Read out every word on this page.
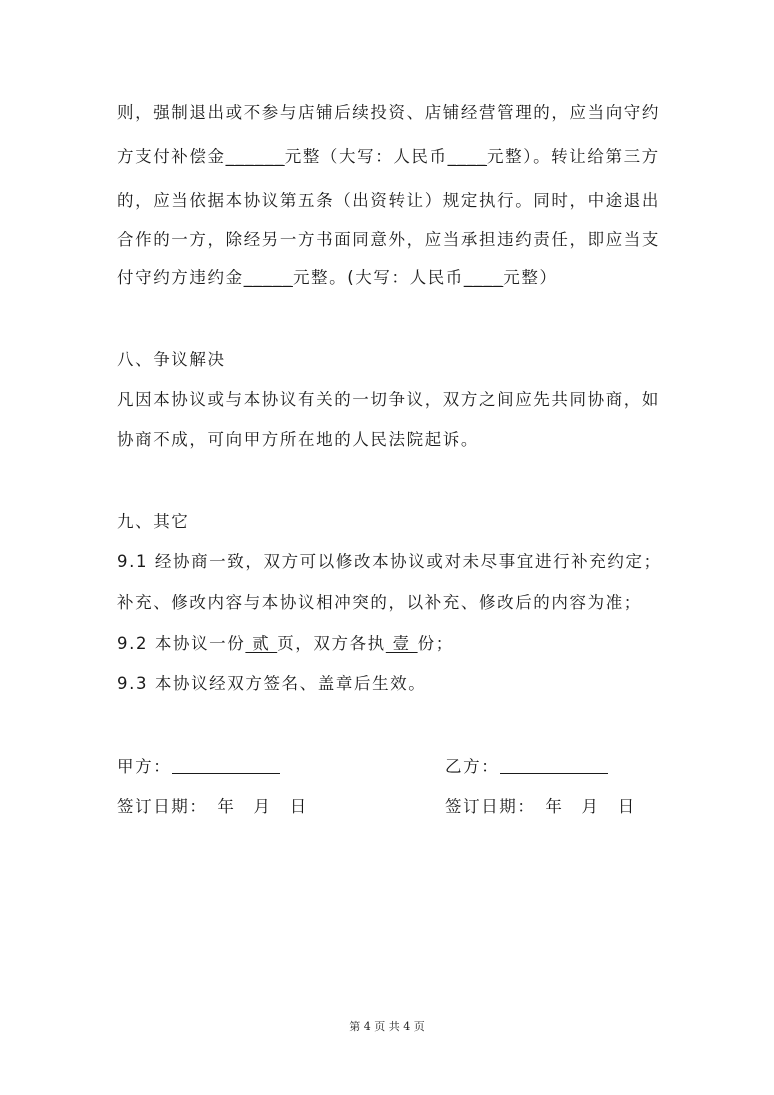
则，强制退出或不参与店铺后续投资、店铺经营管理的，应当向守约
方支付补偿金______元整（大写：人民币____元整）。转让给第三方
的，应当依据本协议第五条（出资转让）规定执行。同时，中途退出
合作的一方，除经另一方书面同意外，应当承担违约责任，即应当支
付守约方违约金_____元整。(大写：人民币____元整）
八、争议解决
凡因本协议或与本协议有关的一切争议，双方之间应先共同协商，如
协商不成，可向甲方所在地的人民法院起诉。
九、其它
9.1 经协商一致，双方可以修改本协议或对未尽事宜进行补充约定；
补充、修改内容与本协议相冲突的，以补充、修改后的内容为准；
9.2 本协议一份 贰 页，双方各执 壹 份；
9.3 本协议经双方签名、盖章后生效。
甲方：	乙方：
签订日期：　年　月　日	签订日期：　年　月　日
第 4 页 共 4 页
